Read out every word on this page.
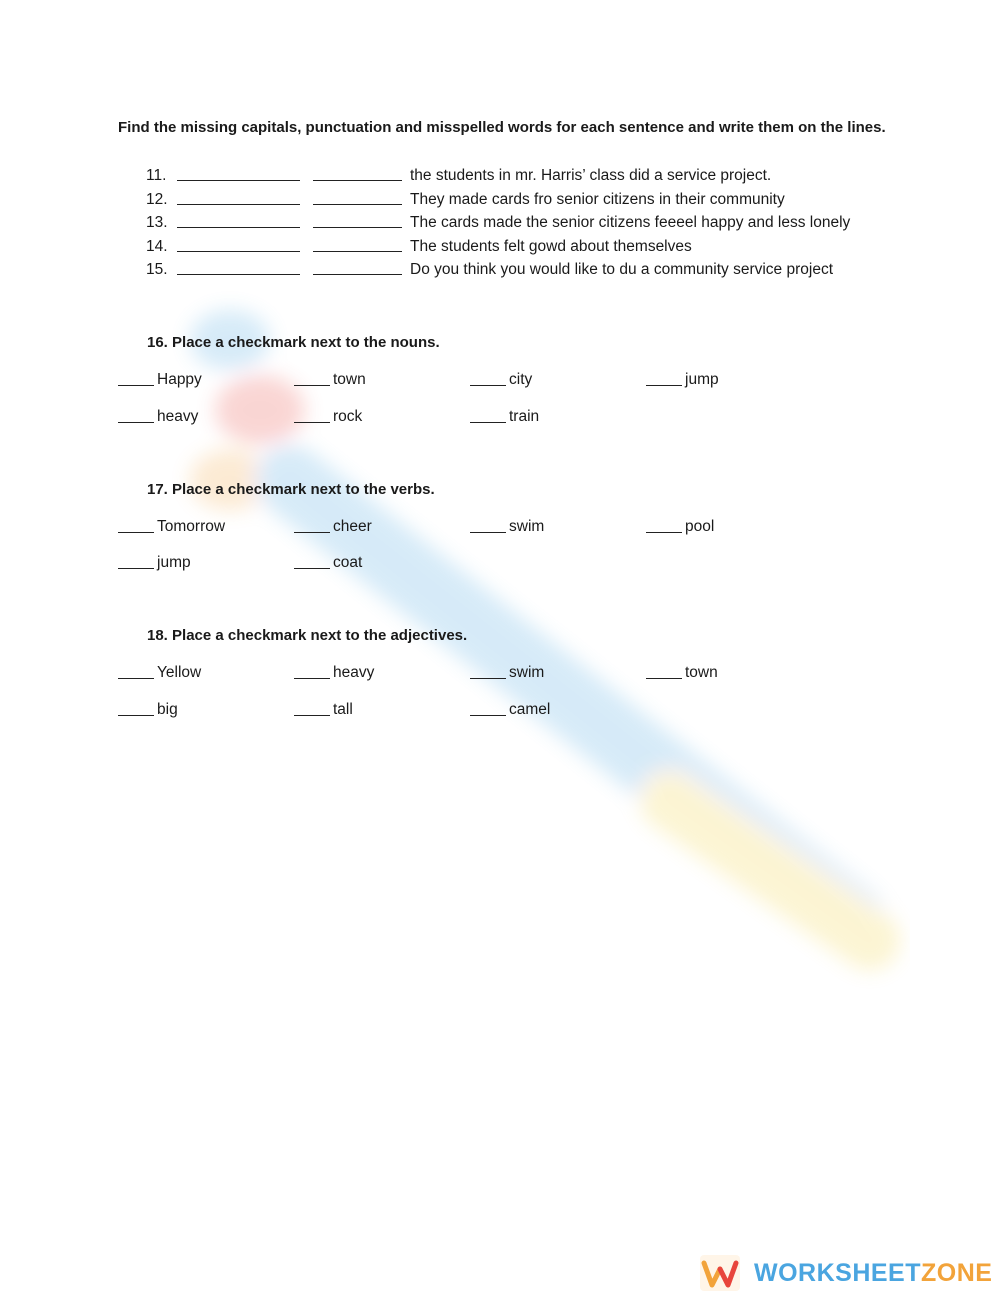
Find the missing capitals, punctuation and misspelled words for each sentence and write them on the lines.
11.	the students in mr. Harris’ class did a service project.
12.	They made cards fro senior citizens in their community
13.	The cards made the senior citizens feeeel happy and less lonely
14.	The students felt gowd about themselves
15.	Do you think you would like to du a community service project
16. Place a checkmark next to the nouns.
Happy	town	city	jump
heavy	rock	train
17. Place a checkmark next to the verbs.
Tomorrow	cheer	swim	pool
jump	coat
18. Place a checkmark next to the adjectives.
Yellow	heavy	swim	town
big	tall	camel
WORKSHEETZONE
